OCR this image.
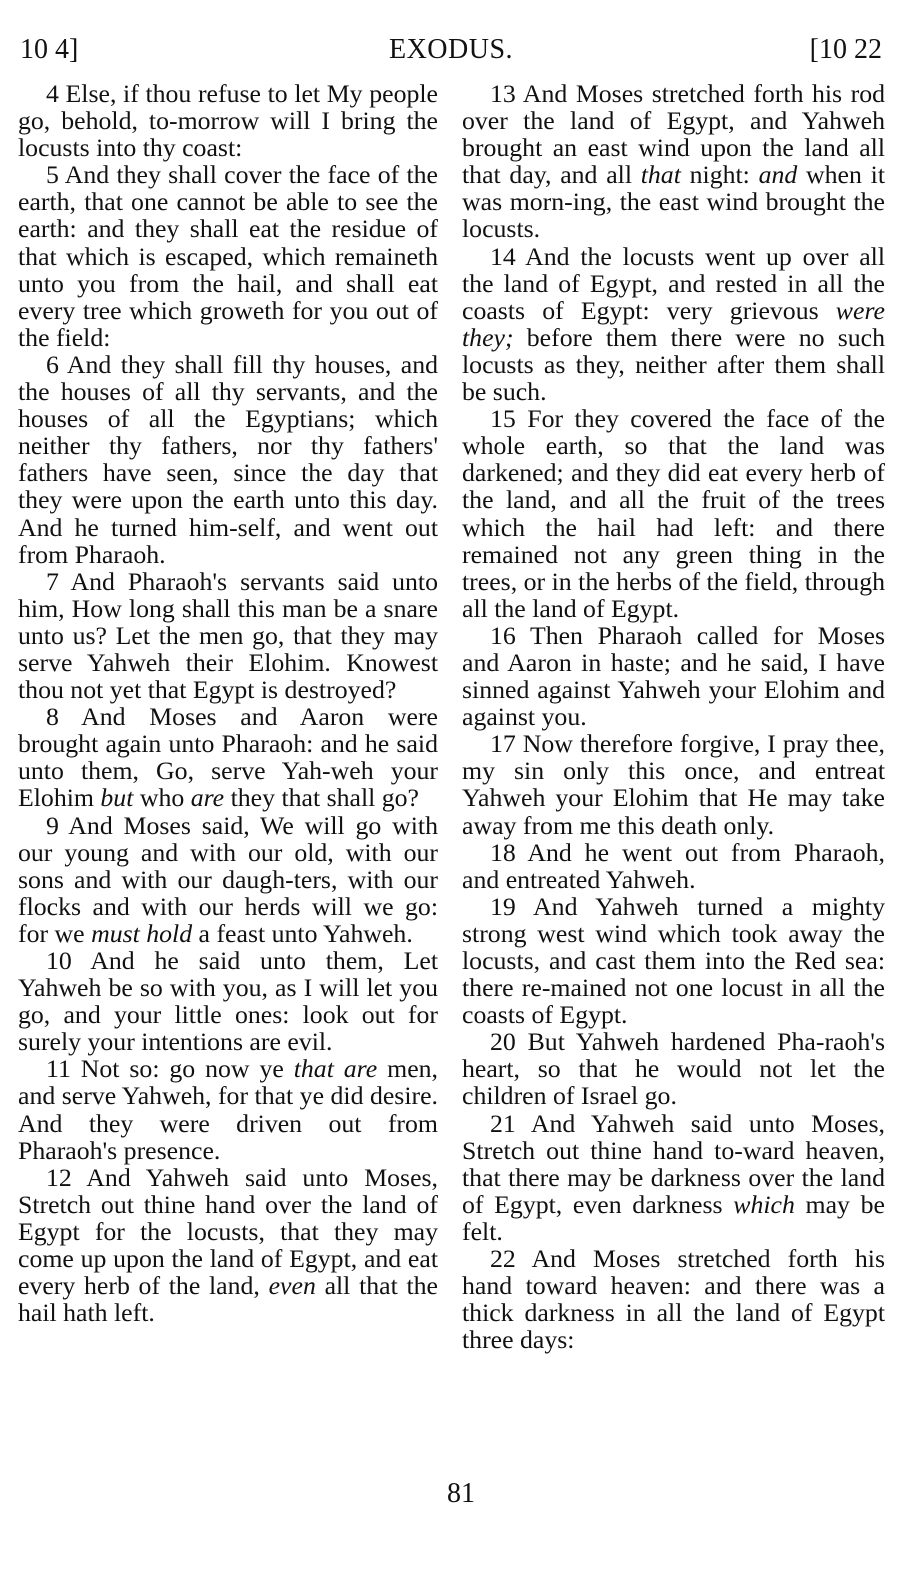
10 4]	EXODUS.	[10 22

4 Else, if thou refuse to let My people go, behold, to-morrow will I bring the locusts into thy coast:

5 And they shall cover the face of the earth, that one cannot be able to see the earth: and they shall eat the residue of that which is escaped, which remaineth unto you from the hail, and shall eat every tree which groweth for you out of the field:

6 And they shall fill thy houses, and the houses of all thy servants, and the houses of all the Egyptians; which neither thy fathers, nor thy fathers' fathers have seen, since the day that they were upon the earth unto this day. And he turned him-self, and went out from Pharaoh.

7 And Pharaoh's servants said unto him, How long shall this man be a snare unto us? Let the men go, that they may serve Yahweh their Elohim. Knowest thou not yet that Egypt is destroyed?

8 And Moses and Aaron were brought again unto Pharaoh: and he said unto them, Go, serve Yah-weh your Elohim but who are they that shall go?

9 And Moses said, We will go with our young and with our old, with our sons and with our daugh-ters, with our flocks and with our herds will we go: for we must hold a feast unto Yahweh.

10 And he said unto them, Let Yahweh be so with you, as I will let you go, and your little ones: look out for surely your intentions are evil.

11 Not so: go now ye that are men, and serve Yahweh, for that ye did desire. And they were driven out from Pharaoh's presence.

12 And Yahweh said unto Moses, Stretch out thine hand over the land of Egypt for the locusts, that they may come up upon the land of Egypt, and eat every herb of the land, even all that the hail hath left.

13 And Moses stretched forth his rod over the land of Egypt, and Yahweh brought an east wind upon the land all that day, and all that night: and when it was morn-ing, the east wind brought the locusts.

14 And the locusts went up over all the land of Egypt, and rested in all the coasts of Egypt: very grievous were they; before them there were no such locusts as they, neither after them shall be such.

15 For they covered the face of the whole earth, so that the land was darkened; and they did eat every herb of the land, and all the fruit of the trees which the hail had left: and there remained not any green thing in the trees, or in the herbs of the field, through all the land of Egypt.

16 Then Pharaoh called for Moses and Aaron in haste; and he said, I have sinned against Yahweh your Elohim and against you.

17 Now therefore forgive, I pray thee, my sin only this once, and entreat Yahweh your Elohim that He may take away from me this death only.

18 And he went out from Pharaoh, and entreated Yahweh.

19 And Yahweh turned a mighty strong west wind which took away the locusts, and cast them into the Red sea: there re-mained not one locust in all the coasts of Egypt.

20 But Yahweh hardened Pha-raoh's heart, so that he would not let the children of Israel go.

21 And Yahweh said unto Moses, Stretch out thine hand to-ward heaven, that there may be darkness over the land of Egypt, even darkness which may be felt.

22 And Moses stretched forth his hand toward heaven: and there was a thick darkness in all the land of Egypt three days:

81
